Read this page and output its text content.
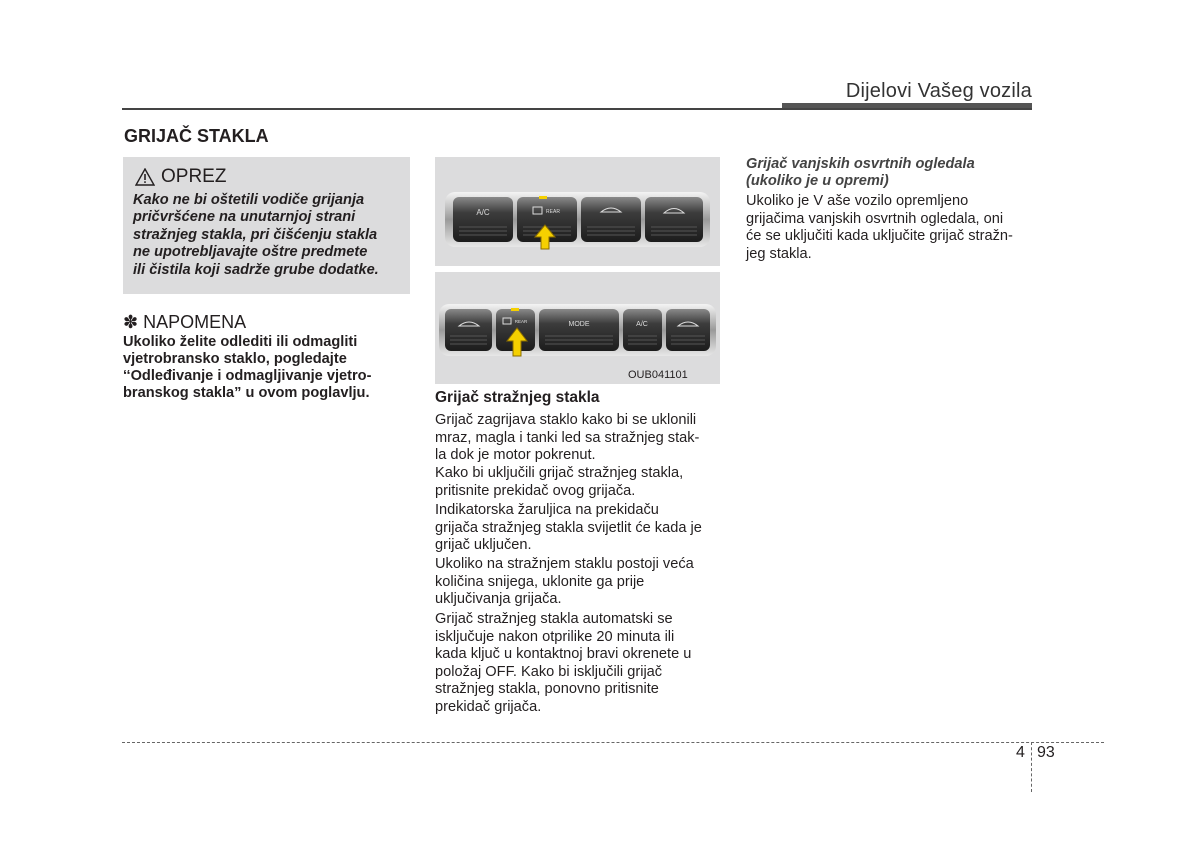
Dijelovi Vašeg vozila
GRIJAČ STAKLA
OPREZ
Kako ne bi oštetili vodiče grijanja
pričvršćene na unutarnjoj strani
stražnjeg stakla, pri čišćenju stakla
ne upotrebljavajte oštre predmete
ili čistila koji sadrže grube dodatke.
✽ NAPOMENA
Ukoliko želite odlediti ili odmagliti
vjetrobransko staklo, pogledajte
‘‘Odleđivanje i odmagljivanje vjetro-
branskog stakla” u ovom poglavlju.
A/C	REAR
REAR	MODE	A/C
OUB041101
Grijač stražnjeg stakla
Grijač zagrijava staklo kako bi se uklonili
mraz, magla i tanki led sa stražnjeg stak-
la dok je motor pokrenut.
Kako bi uključili grijač stražnjeg stakla,
pritisnite prekidač ovog grijača.
Indikatorska žaruljica na prekidaču
grijača stražnjeg stakla svijetlit će kada je
grijač uključen.
Ukoliko na stražnjem staklu postoji veća
količina snijega, uklonite ga prije
uključivanja grijača.
Grijač stražnjeg stakla automatski se
isključuje nakon otprilike 20 minuta ili
kada ključ u kontaktnoj bravi okrenete u
položaj OFF. Kako bi isključili grijač
stražnjeg stakla, ponovno pritisnite
prekidač grijača.
Grijač vanjskih osvrtnih ogledala
(ukoliko je u opremi)
Ukoliko je V aše vozilo opremljeno
grijačima vanjskih osvrtnih ogledala, oni
će se uključiti kada uključite grijač stražn-
jeg stakla.
4 93
